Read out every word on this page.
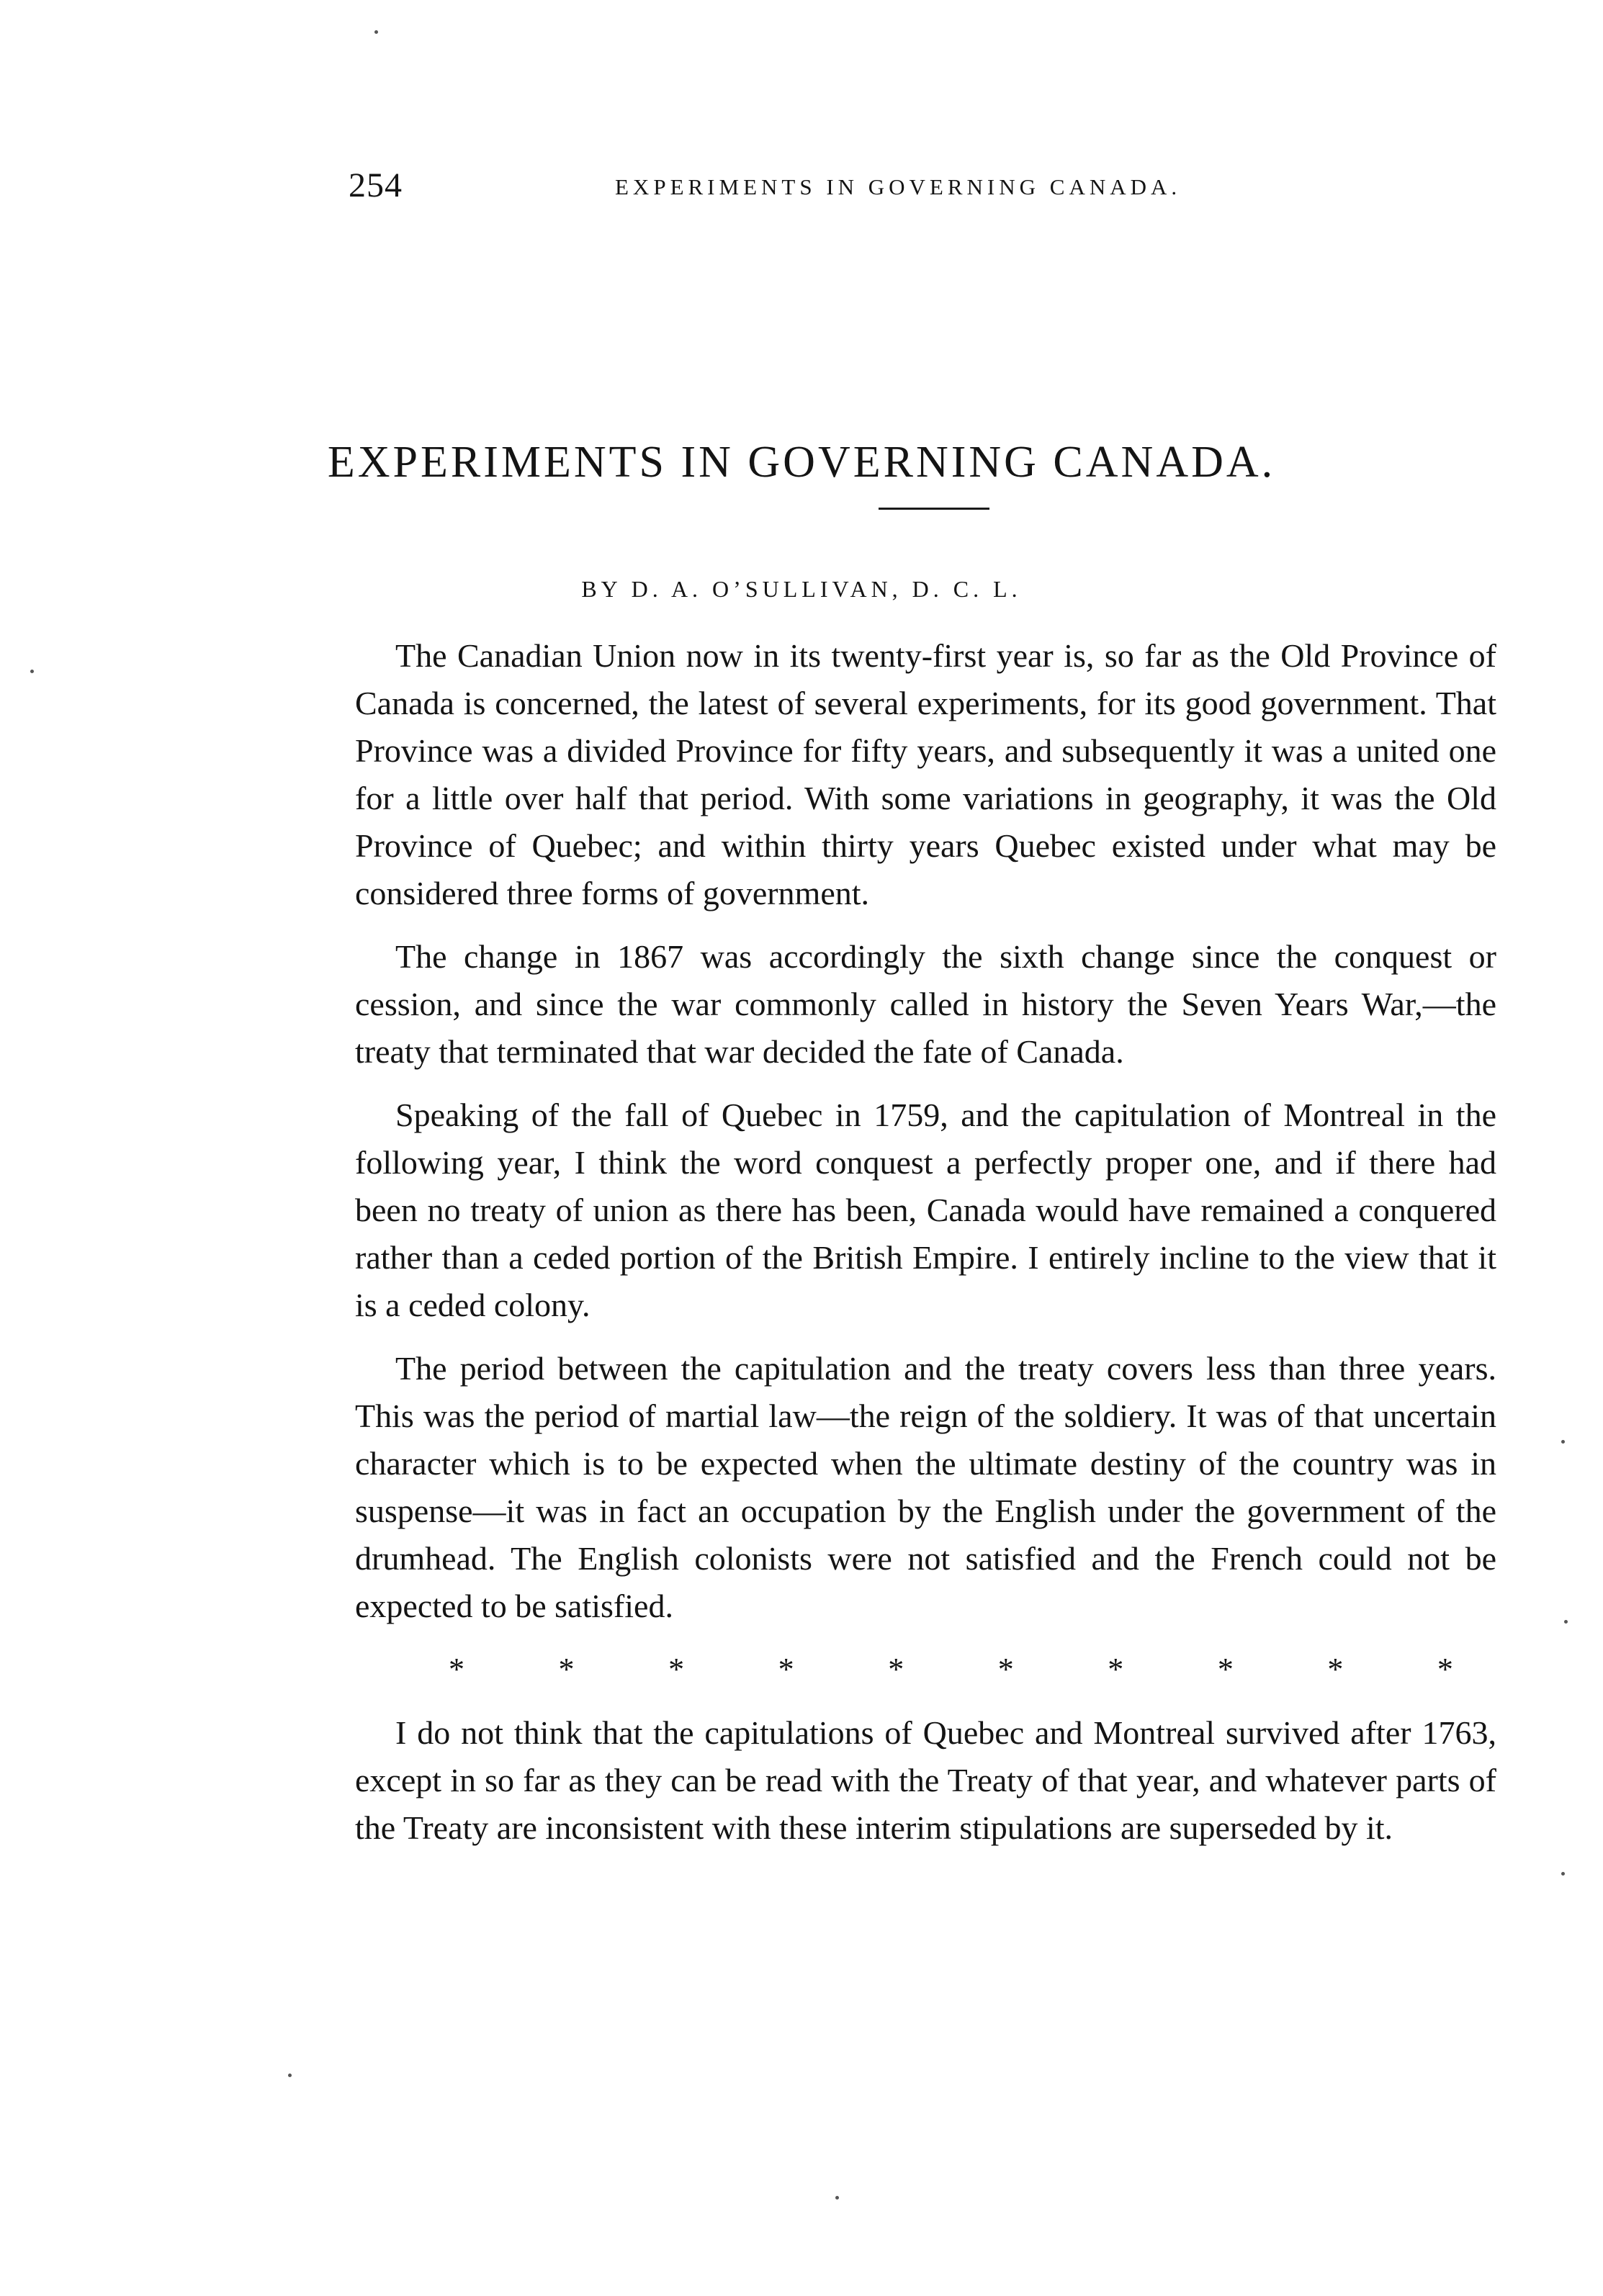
254	EXPERIMENTS IN GOVERNING CANADA.
EXPERIMENTS IN GOVERNING CANADA.
BY D. A. O’SULLIVAN, D. C. L.

The Canadian Union now in its twenty-first year is, so far as the Old Province of Canada is concerned, the latest of several experiments, for its good government. That Province was a divided Province for fifty years, and subsequently it was a united one for a little over half that period. With some variations in geography, it was the Old Province of Quebec; and within thirty years Quebec existed under what may be considered three forms of government.

The change in 1867 was accordingly the sixth change since the conquest or cession, and since the war commonly called in history the Seven Years War,—the treaty that terminated that war decided the fate of Canada.

Speaking of the fall of Quebec in 1759, and the capitulation of Montreal in the following year, I think the word conquest a perfectly proper one, and if there had been no treaty of union as there has been, Canada would have remained a conquered rather than a ceded portion of the British Empire. I entirely incline to the view that it is a ceded colony.

The period between the capitulation and the treaty covers less than three years. This was the period of martial law—the reign of the soldiery. It was of that uncertain character which is to be expected when the ultimate destiny of the country was in suspense—it was in fact an occupation by the English under the government of the drumhead. The English colonists were not satisfied and the French could not be expected to be satisfied.

*	*	*	*	*	*	*	*	*	*

I do not think that the capitulations of Quebec and Montreal survived after 1763, except in so far as they can be read with the Treaty of that year, and whatever parts of the Treaty are inconsistent with these interim stipulations are superseded by it.
